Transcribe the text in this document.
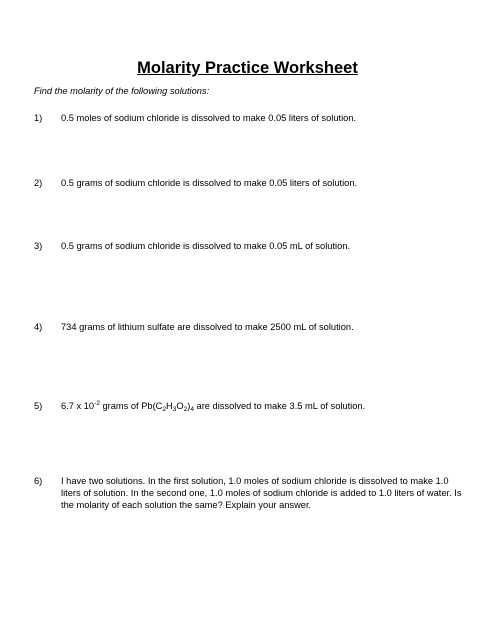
Molarity Practice Worksheet
Find the molarity of the following solutions:
1) 0.5 moles of sodium chloride is dissolved to make 0.05 liters of solution.
2) 0.5 grams of sodium chloride is dissolved to make 0.05 liters of solution.
3) 0.5 grams of sodium chloride is dissolved to make 0.05 mL of solution.
4) 734 grams of lithium sulfate are dissolved to make 2500 mL of solution.
5) 6.7 x $10^{-2}$ grams of $Pb(C_2H_3O_2)_4$ are dissolved to make 3.5 mL of solution.
6) I have two solutions. In the first solution, 1.0 moles of sodium chloride is dissolved to make 1.0 liters of solution. In the second one, 1.0 moles of sodium chloride is added to 1.0 liters of water. Is the molarity of each solution the same? Explain your answer.
